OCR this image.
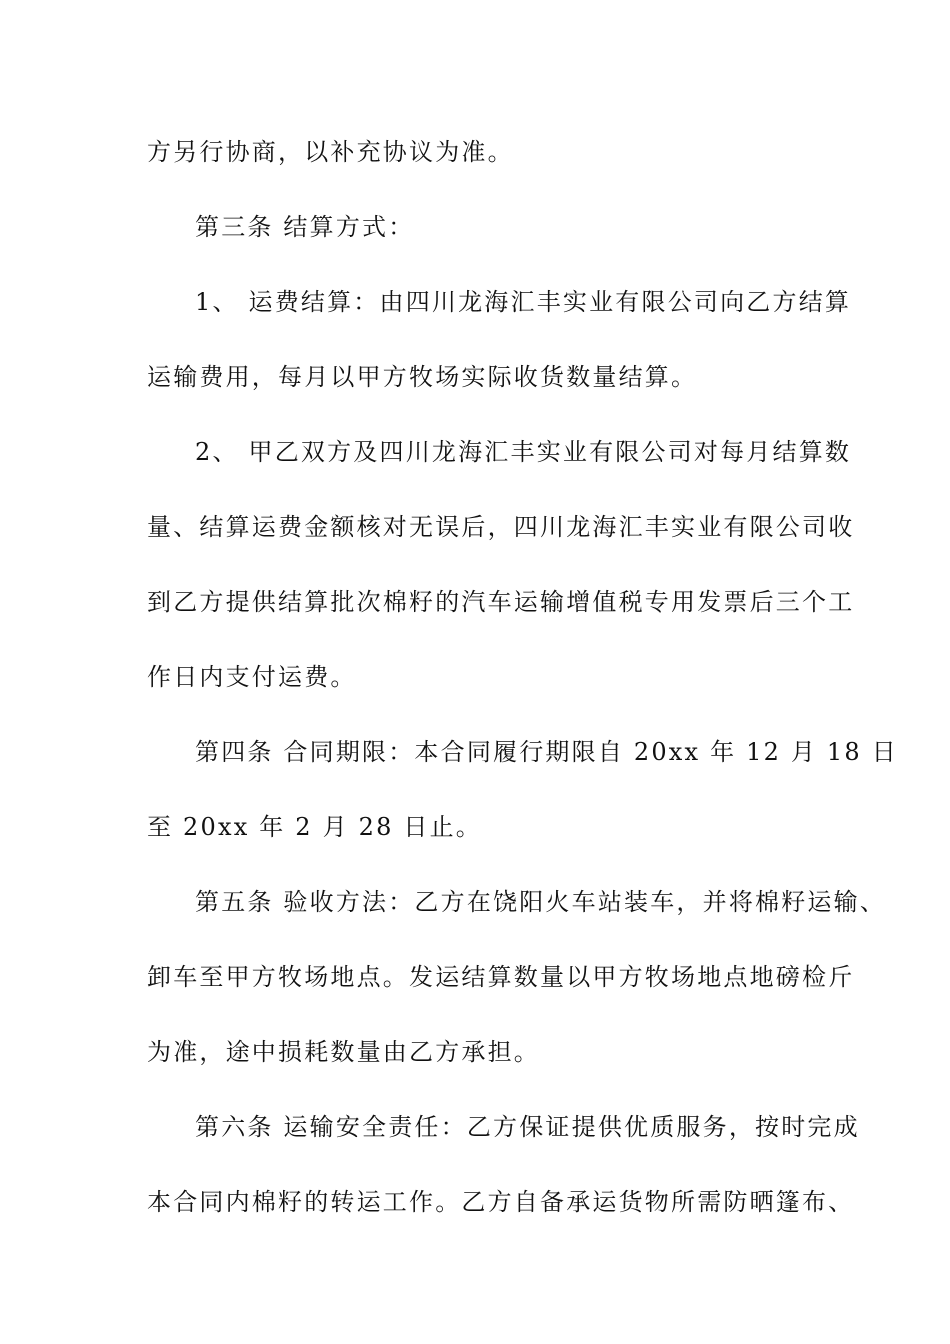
方另行协商，以补充协议为准。
第三条 结算方式：
1、 运费结算：由四川龙海汇丰实业有限公司向乙方结算
运输费用，每月以甲方牧场实际收货数量结算。
2、 甲乙双方及四川龙海汇丰实业有限公司对每月结算数
量、结算运费金额核对无误后，四川龙海汇丰实业有限公司收
到乙方提供结算批次棉籽的汽车运输增值税专用发票后三个工
作日内支付运费。
第四条 合同期限：本合同履行期限自 20xx 年 12 月 18 日
至 20xx 年 2 月 28 日止。
第五条 验收方法：乙方在饶阳火车站装车，并将棉籽运输、
卸车至甲方牧场地点。发运结算数量以甲方牧场地点地磅检斤
为准，途中损耗数量由乙方承担。
第六条 运输安全责任：乙方保证提供优质服务，按时完成
本合同内棉籽的转运工作。乙方自备承运货物所需防晒篷布、
